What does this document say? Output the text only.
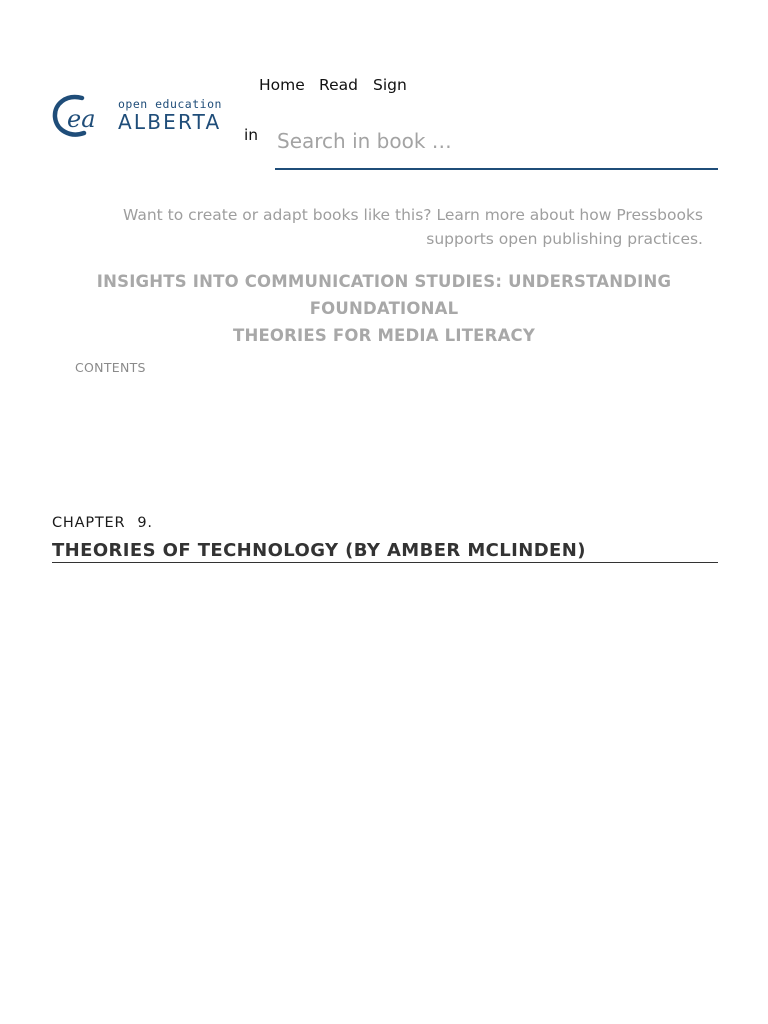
ea
open education
ALBERTA
Home Read Sign
in
Search in book …
Want to create or adapt books like this? Learn more about how Pressbooks
supports open publishing practices.
INSIGHTS INTO COMMUNICATION STUDIES: UNDERSTANDING FOUNDATIONAL
THEORIES FOR MEDIA LITERACY
CONTENTS
CHAPTER 9.
THEORIES OF TECHNOLOGY (BY AMBER MCLINDEN)
